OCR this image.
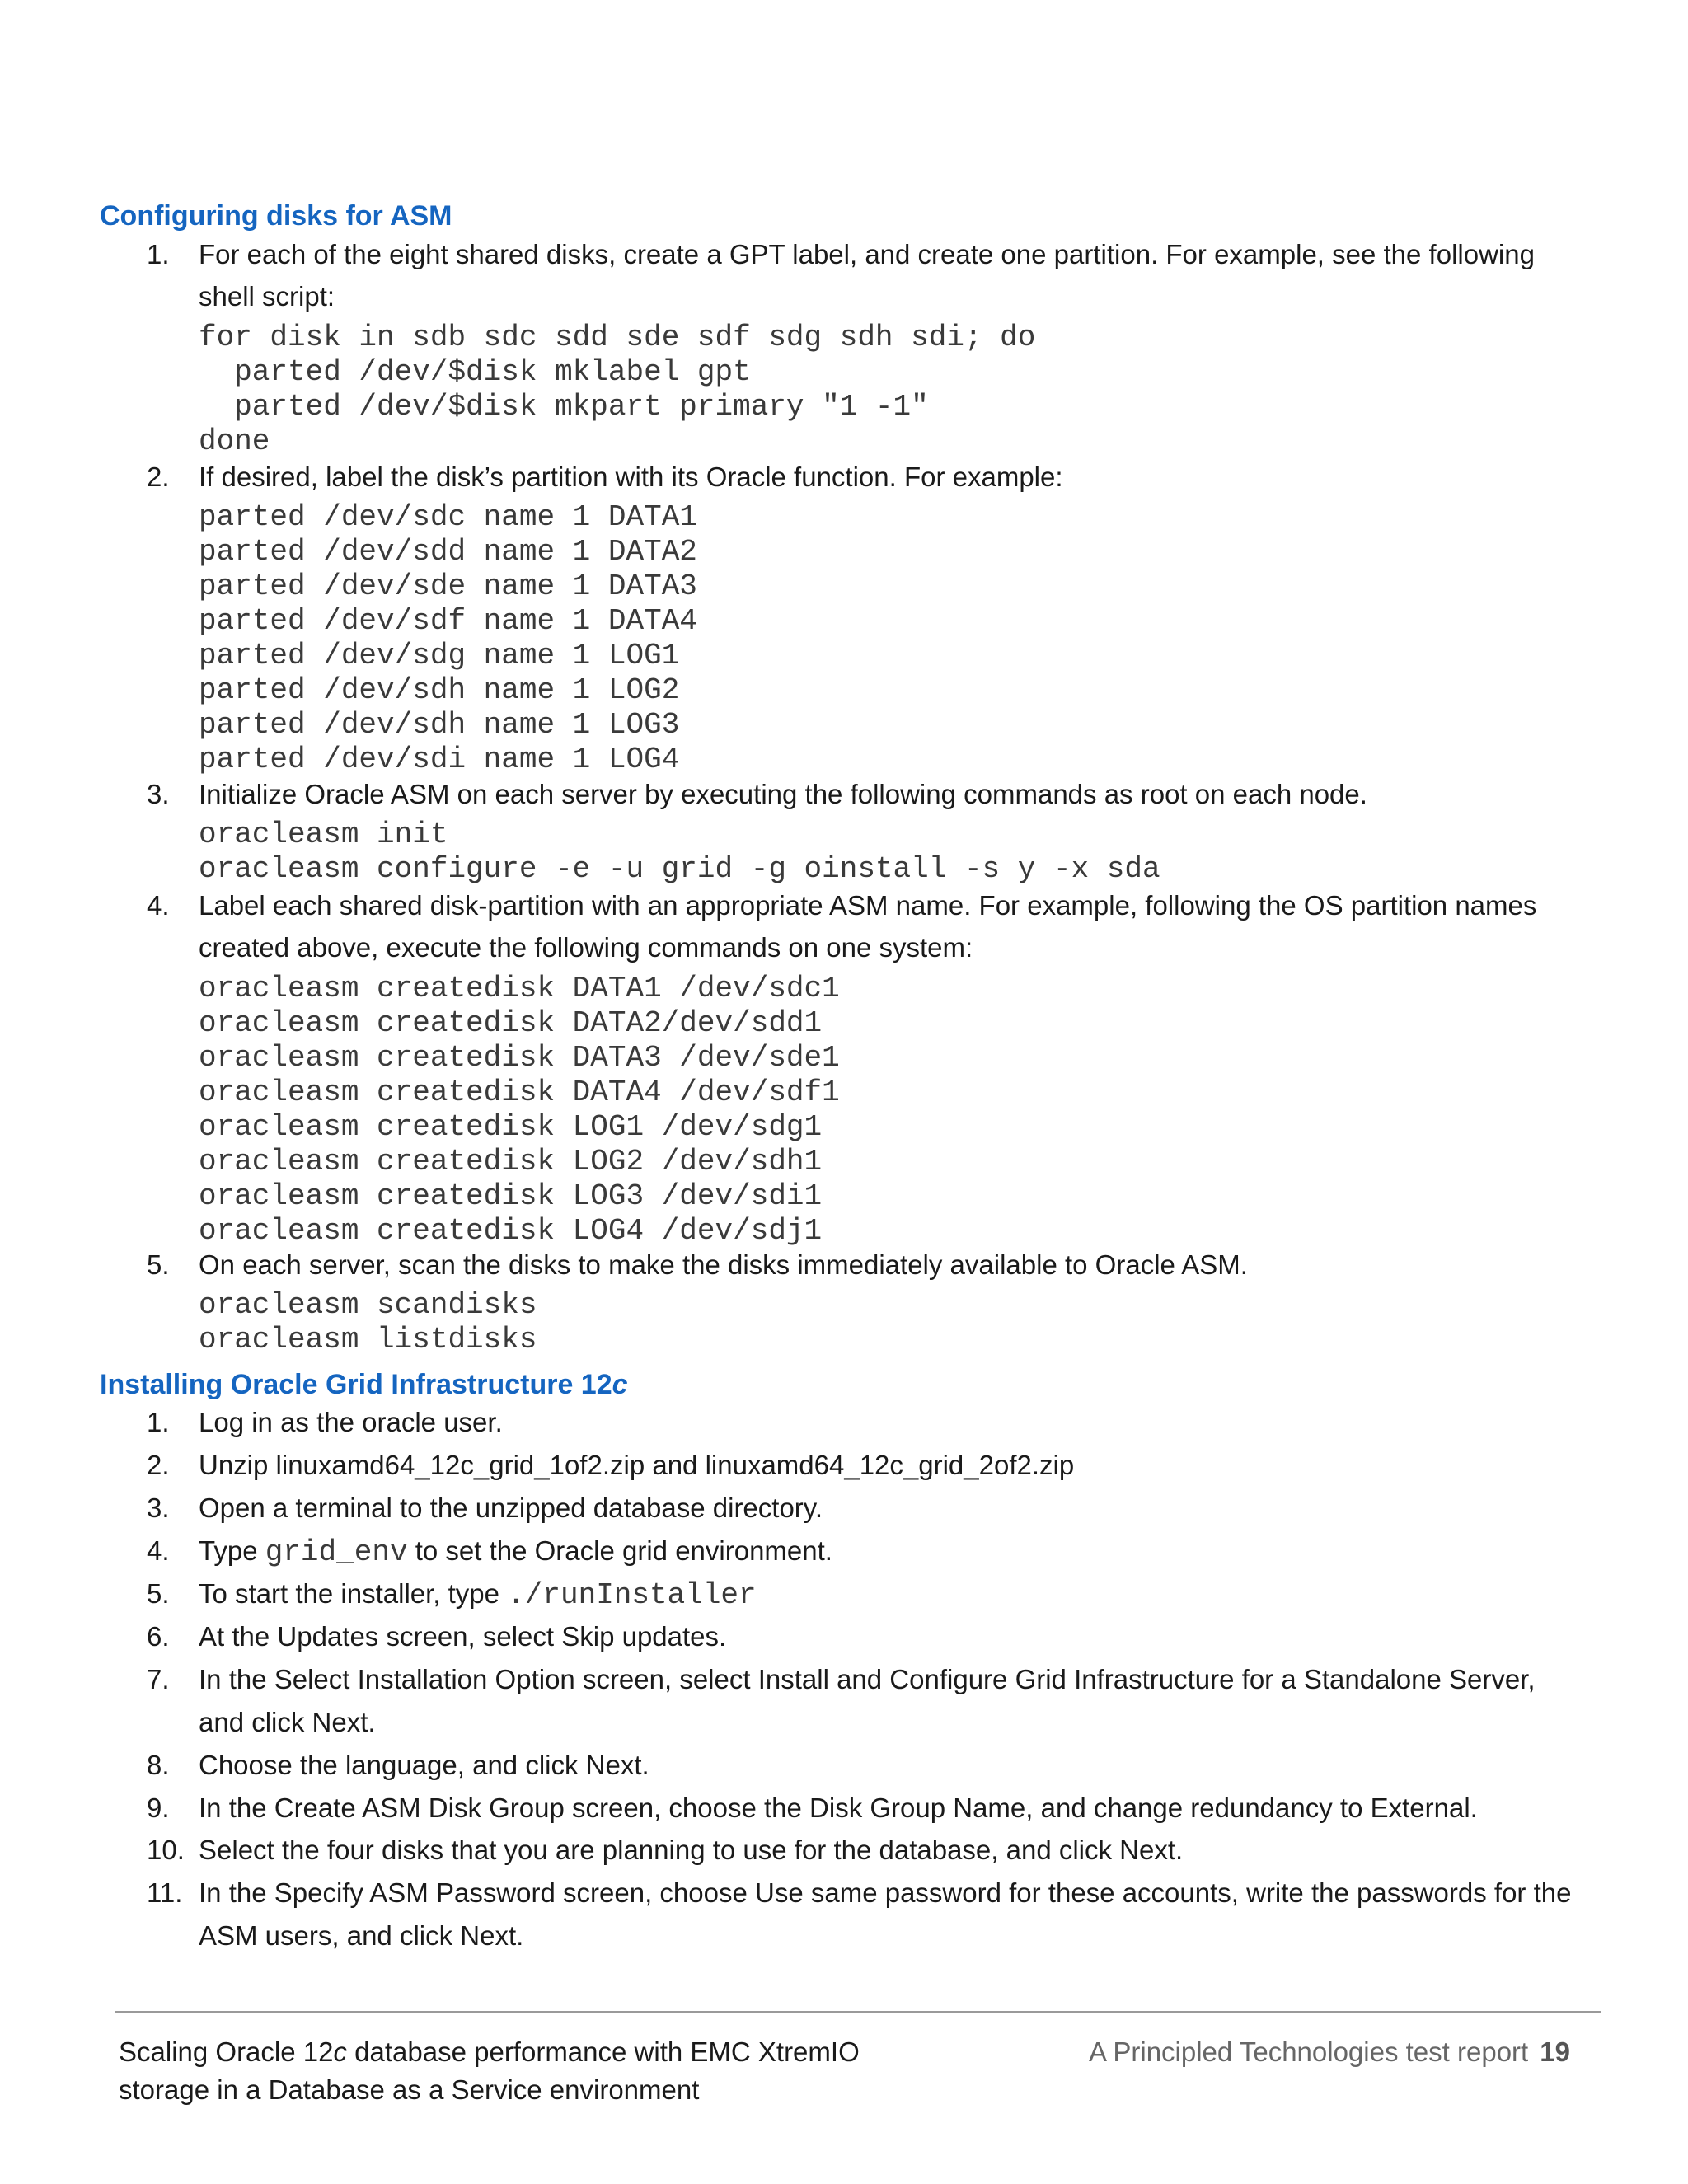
Configuring disks for ASM
1. For each of the eight shared disks, create a GPT label, and create one partition. For example, see the following
shell script:
for disk in sdb sdc sdd sde sdf sdg sdh sdi; do
parted /dev/$disk mklabel gpt
parted /dev/$disk mkpart primary "1 -1"
done
2. If desired, label the disk’s partition with its Oracle function. For example:
parted /dev/sdc name 1 DATA1
parted /dev/sdd name 1 DATA2
parted /dev/sde name 1 DATA3
parted /dev/sdf name 1 DATA4
parted /dev/sdg name 1 LOG1
parted /dev/sdh name 1 LOG2
parted /dev/sdh name 1 LOG3
parted /dev/sdi name 1 LOG4
3. Initialize Oracle ASM on each server by executing the following commands as root on each node.
oracleasm init
oracleasm configure -e -u grid -g oinstall -s y -x sda
4. Label each shared disk-partition with an appropriate ASM name. For example, following the OS partition names
created above, execute the following commands on one system:
oracleasm createdisk DATA1 /dev/sdc1
oracleasm createdisk DATA2/dev/sdd1
oracleasm createdisk DATA3 /dev/sde1
oracleasm createdisk DATA4 /dev/sdf1
oracleasm createdisk LOG1 /dev/sdg1
oracleasm createdisk LOG2 /dev/sdh1
oracleasm createdisk LOG3 /dev/sdi1
oracleasm createdisk LOG4 /dev/sdj1
5. On each server, scan the disks to make the disks immediately available to Oracle ASM.
oracleasm scandisks
oracleasm listdisks
Installing Oracle Grid Infrastructure 12c
1. Log in as the oracle user.
2. Unzip linuxamd64_12c_grid_1of2.zip and linuxamd64_12c_grid_2of2.zip
3. Open a terminal to the unzipped database directory.
4. Type grid_env to set the Oracle grid environment.
5. To start the installer, type ./runInstaller
6. At the Updates screen, select Skip updates.
7. In the Select Installation Option screen, select Install and Configure Grid Infrastructure for a Standalone Server,
and click Next.
8. Choose the language, and click Next.
9. In the Create ASM Disk Group screen, choose the Disk Group Name, and change redundancy to External.
10. Select the four disks that you are planning to use for the database, and click Next.
11. In the Specify ASM Password screen, choose Use same password for these accounts, write the passwords for the
ASM users, and click Next.
Scaling Oracle 12c database performance with EMC XtremIO
storage in a Database as a Service environment
A Principled Technologies test report 19
